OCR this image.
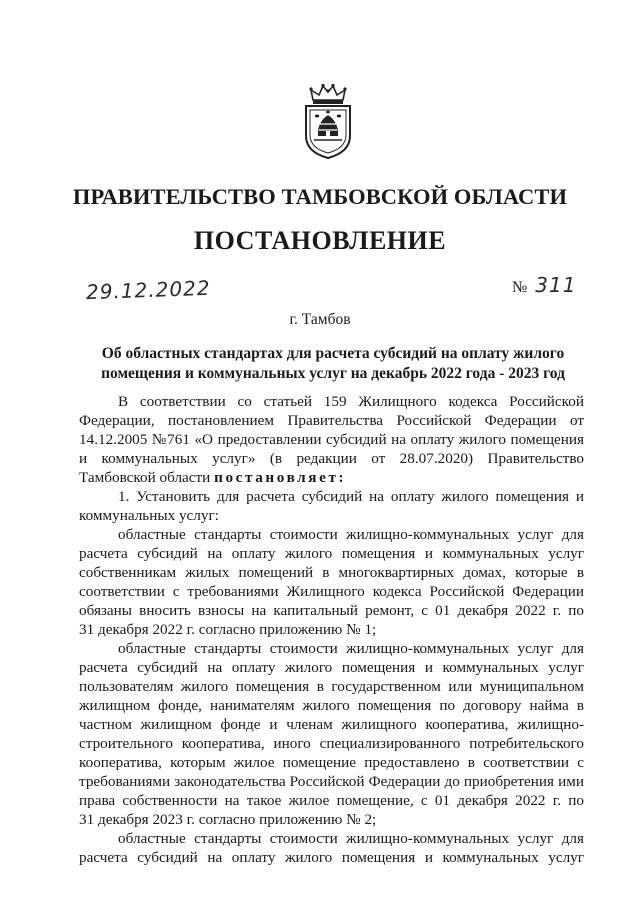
ПРАВИТЕЛЬСТВО ТАМБОВСКОЙ ОБЛАСТИ
ПОСТАНОВЛЕНИЕ
29.12.2022	№ 311
г. Тамбов
Об областных стандартах для расчета субсидий на оплату жилого
помещения и коммунальных услуг на декабрь 2022 года - 2023 год
В соответствии со статьей 159 Жилищного кодекса Российской
Федерации, постановлением Правительства Российской Федерации от
14.12.2005 №761 «О предоставлении субсидий на оплату жилого помещения
и коммунальных услуг» (в редакции от 28.07.2020) Правительство
Тамбовской области постановляет:
1. Установить для расчета субсидий на оплату жилого помещения и
коммунальных услуг:
областные стандарты стоимости жилищно-коммунальных услуг для
расчета субсидий на оплату жилого помещения и коммунальных услуг
собственникам жилых помещений в многоквартирных домах, которые в
соответствии с требованиями Жилищного кодекса Российской Федерации
обязаны вносить взносы на капитальный ремонт, с 01 декабря 2022 г. по
31 декабря 2022 г. согласно приложению № 1;
областные стандарты стоимости жилищно-коммунальных услуг для
расчета субсидий на оплату жилого помещения и коммунальных услуг
пользователям жилого помещения в государственном или муниципальном
жилищном фонде, нанимателям жилого помещения по договору найма в
частном жилищном фонде и членам жилищного кооператива, жилищно-
строительного кооператива, иного специализированного потребительского
кооператива, которым жилое помещение предоставлено в соответствии с
требованиями законодательства Российской Федерации до приобретения ими
права собственности на такое жилое помещение, с 01 декабря 2022 г. по
31 декабря 2023 г. согласно приложению № 2;
областные стандарты стоимости жилищно-коммунальных услуг для
расчета субсидий на оплату жилого помещения и коммунальных услуг
